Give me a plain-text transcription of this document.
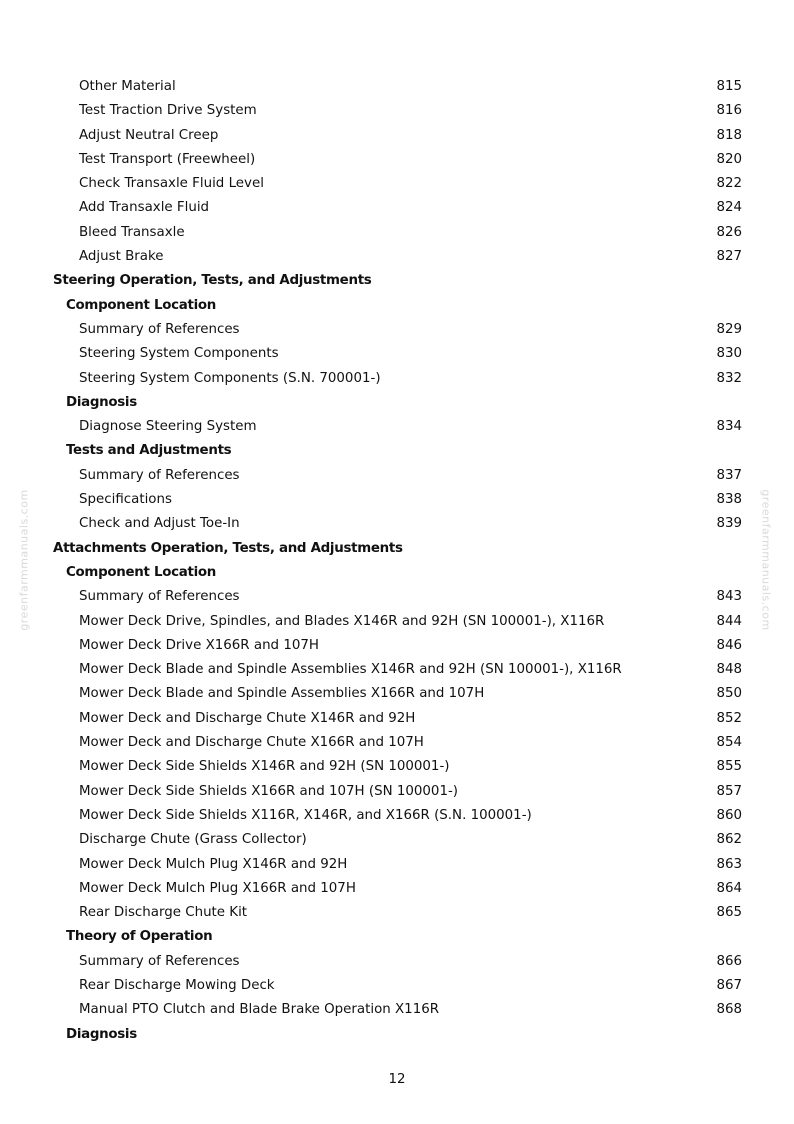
greenfarmmanuals.com	greenfarmmanuals.com
Other Material	815
Test Traction Drive System	816
Adjust Neutral Creep	818
Test Transport (Freewheel)	820
Check Transaxle Fluid Level	822
Add Transaxle Fluid	824
Bleed Transaxle	826
Adjust Brake	827
Steering Operation, Tests, and Adjustments
Component Location
Summary of References	829
Steering System Components	830
Steering System Components (S.N. 700001-)	832
Diagnosis
Diagnose Steering System	834
Tests and Adjustments
Summary of References	837
Specifications	838
Check and Adjust Toe-In	839
Attachments Operation, Tests, and Adjustments
Component Location
Summary of References	843
Mower Deck Drive, Spindles, and Blades X146R and 92H (SN 100001-), X116R	844
Mower Deck Drive X166R and 107H	846
Mower Deck Blade and Spindle Assemblies X146R and 92H (SN 100001-), X116R	848
Mower Deck Blade and Spindle Assemblies X166R and 107H	850
Mower Deck and Discharge Chute X146R and 92H	852
Mower Deck and Discharge Chute X166R and 107H	854
Mower Deck Side Shields X146R and 92H (SN 100001-)	855
Mower Deck Side Shields X166R and 107H (SN 100001-)	857
Mower Deck Side Shields X116R, X146R, and X166R (S.N. 100001-)	860
Discharge Chute (Grass Collector)	862
Mower Deck Mulch Plug X146R and 92H	863
Mower Deck Mulch Plug X166R and 107H	864
Rear Discharge Chute Kit	865
Theory of Operation
Summary of References	866
Rear Discharge Mowing Deck	867
Manual PTO Clutch and Blade Brake Operation X116R	868
Diagnosis
12
